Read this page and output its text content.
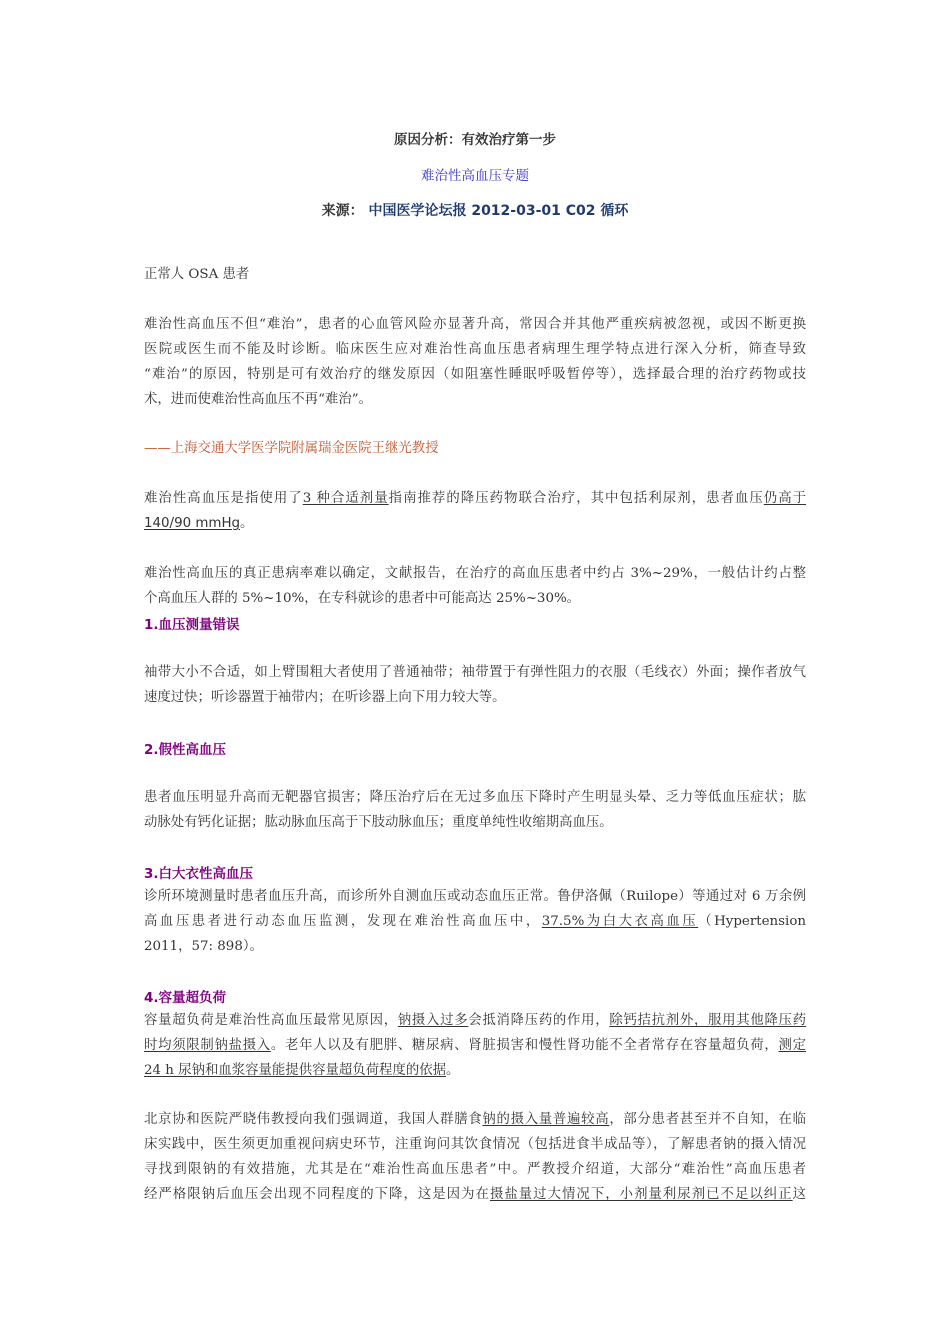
原因分析：有效治疗第一步
难治性高血压专题
来源： 中国医学论坛报 2012-03-01 C02 循环
正常人 OSA 患者
难治性高血压不但“难治”，患者的心血管风险亦显著升高，常因合并其他严重疾病被忽视，或因不断更换
医院或医生而不能及时诊断。临床医生应对难治性高血压患者病理生理学特点进行深入分析，筛查导致
“难治”的原因，特别是可有效治疗的继发原因（如阻塞性睡眠呼吸暂停等），选择最合理的治疗药物或技
术，进而使难治性高血压不再“难治”。
——上海交通大学医学院附属瑞金医院王继光教授
难治性高血压是指使用了3 种合适剂量指南推荐的降压药物联合治疗，其中包括利尿剂，患者血压仍高于
140/90 mmHg。
难治性高血压的真正患病率难以确定，文献报告，在治疗的高血压患者中约占 3%~29%，一般估计约占整
个高血压人群的 5%~10%，在专科就诊的患者中可能高达 25%~30%。
1.血压测量错误
袖带大小不合适，如上臂围粗大者使用了普通袖带；袖带置于有弹性阻力的衣服（毛线衣）外面；操作者放气
速度过快；听诊器置于袖带内；在听诊器上向下用力较大等。
2.假性高血压
患者血压明显升高而无靶器官损害；降压治疗后在无过多血压下降时产生明显头晕、乏力等低血压症状；肱
动脉处有钙化证据；肱动脉血压高于下肢动脉血压；重度单纯性收缩期高血压。
3.白大衣性高血压
诊所环境测量时患者血压升高，而诊所外自测血压或动态血压正常。鲁伊洛佩（Ruilope）等通过对 6 万余例
高血压患者进行动态血压监测，发现在难治性高血压中，37.5%为白大衣高血压（Hypertension
2011，57: 898）。
4.容量超负荷
容量超负荷是难治性高血压最常见原因，钠摄入过多会抵消降压药的作用，除钙拮抗剂外，服用其他降压药
时均须限制钠盐摄入。老年人以及有肥胖、糖尿病、肾脏损害和慢性肾功能不全者常存在容量超负荷，测定
24 h 尿钠和血浆容量能提供容量超负荷程度的依据。
北京协和医院严晓伟教授向我们强调道，我国人群膳食钠的摄入量普遍较高，部分患者甚至并不自知，在临
床实践中，医生须更加重视问病史环节，注重询问其饮食情况（包括进食半成品等），了解患者钠的摄入情况
寻找到限钠的有效措施，尤其是在“难治性高血压患者”中。严教授介绍道，大部分“难治性”高血压患者
经严格限钠后血压会出现不同程度的下降，这是因为在摄盐量过大情况下，小剂量利尿剂已不足以纠正这
